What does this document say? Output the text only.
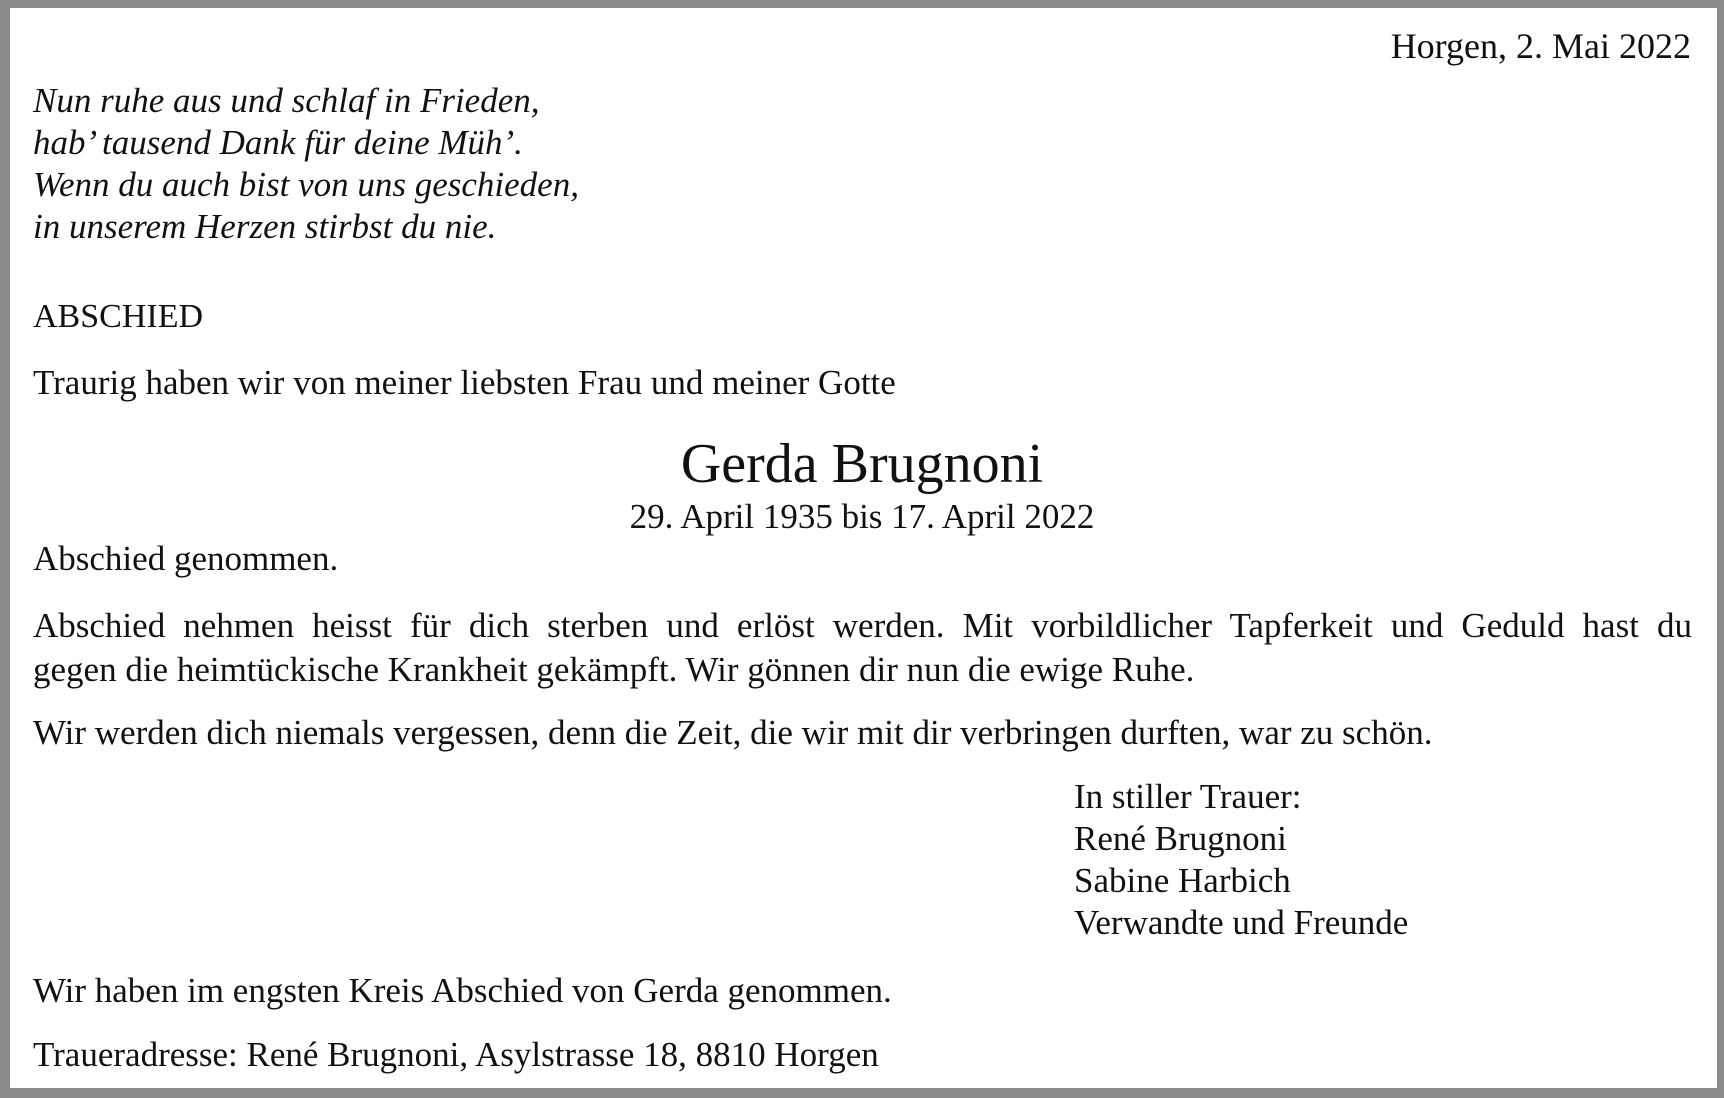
Horgen, 2. Mai 2022
Nun ruhe aus und schlaf in Frieden,
hab’ tausend Dank für deine Müh’.
Wenn du auch bist von uns geschieden,
in unserem Herzen stirbst du nie.
ABSCHIED
Traurig haben wir von meiner liebsten Frau und meiner Gotte
Gerda Brugnoni
29. April 1935 bis 17. April 2022
Abschied genommen.
Abschied nehmen heisst für dich sterben und erlöst werden. Mit vorbildlicher Tapferkeit und Geduld hast du
gegen die heimtückische Krankheit gekämpft. Wir gönnen dir nun die ewige Ruhe.
Wir werden dich niemals vergessen, denn die Zeit, die wir mit dir verbringen durften, war zu schön.
In stiller Trauer:
René Brugnoni
Sabine Harbich
Verwandte und Freunde
Wir haben im engsten Kreis Abschied von Gerda genommen.
Traueradresse: René Brugnoni, Asylstrasse 18, 8810 Horgen
